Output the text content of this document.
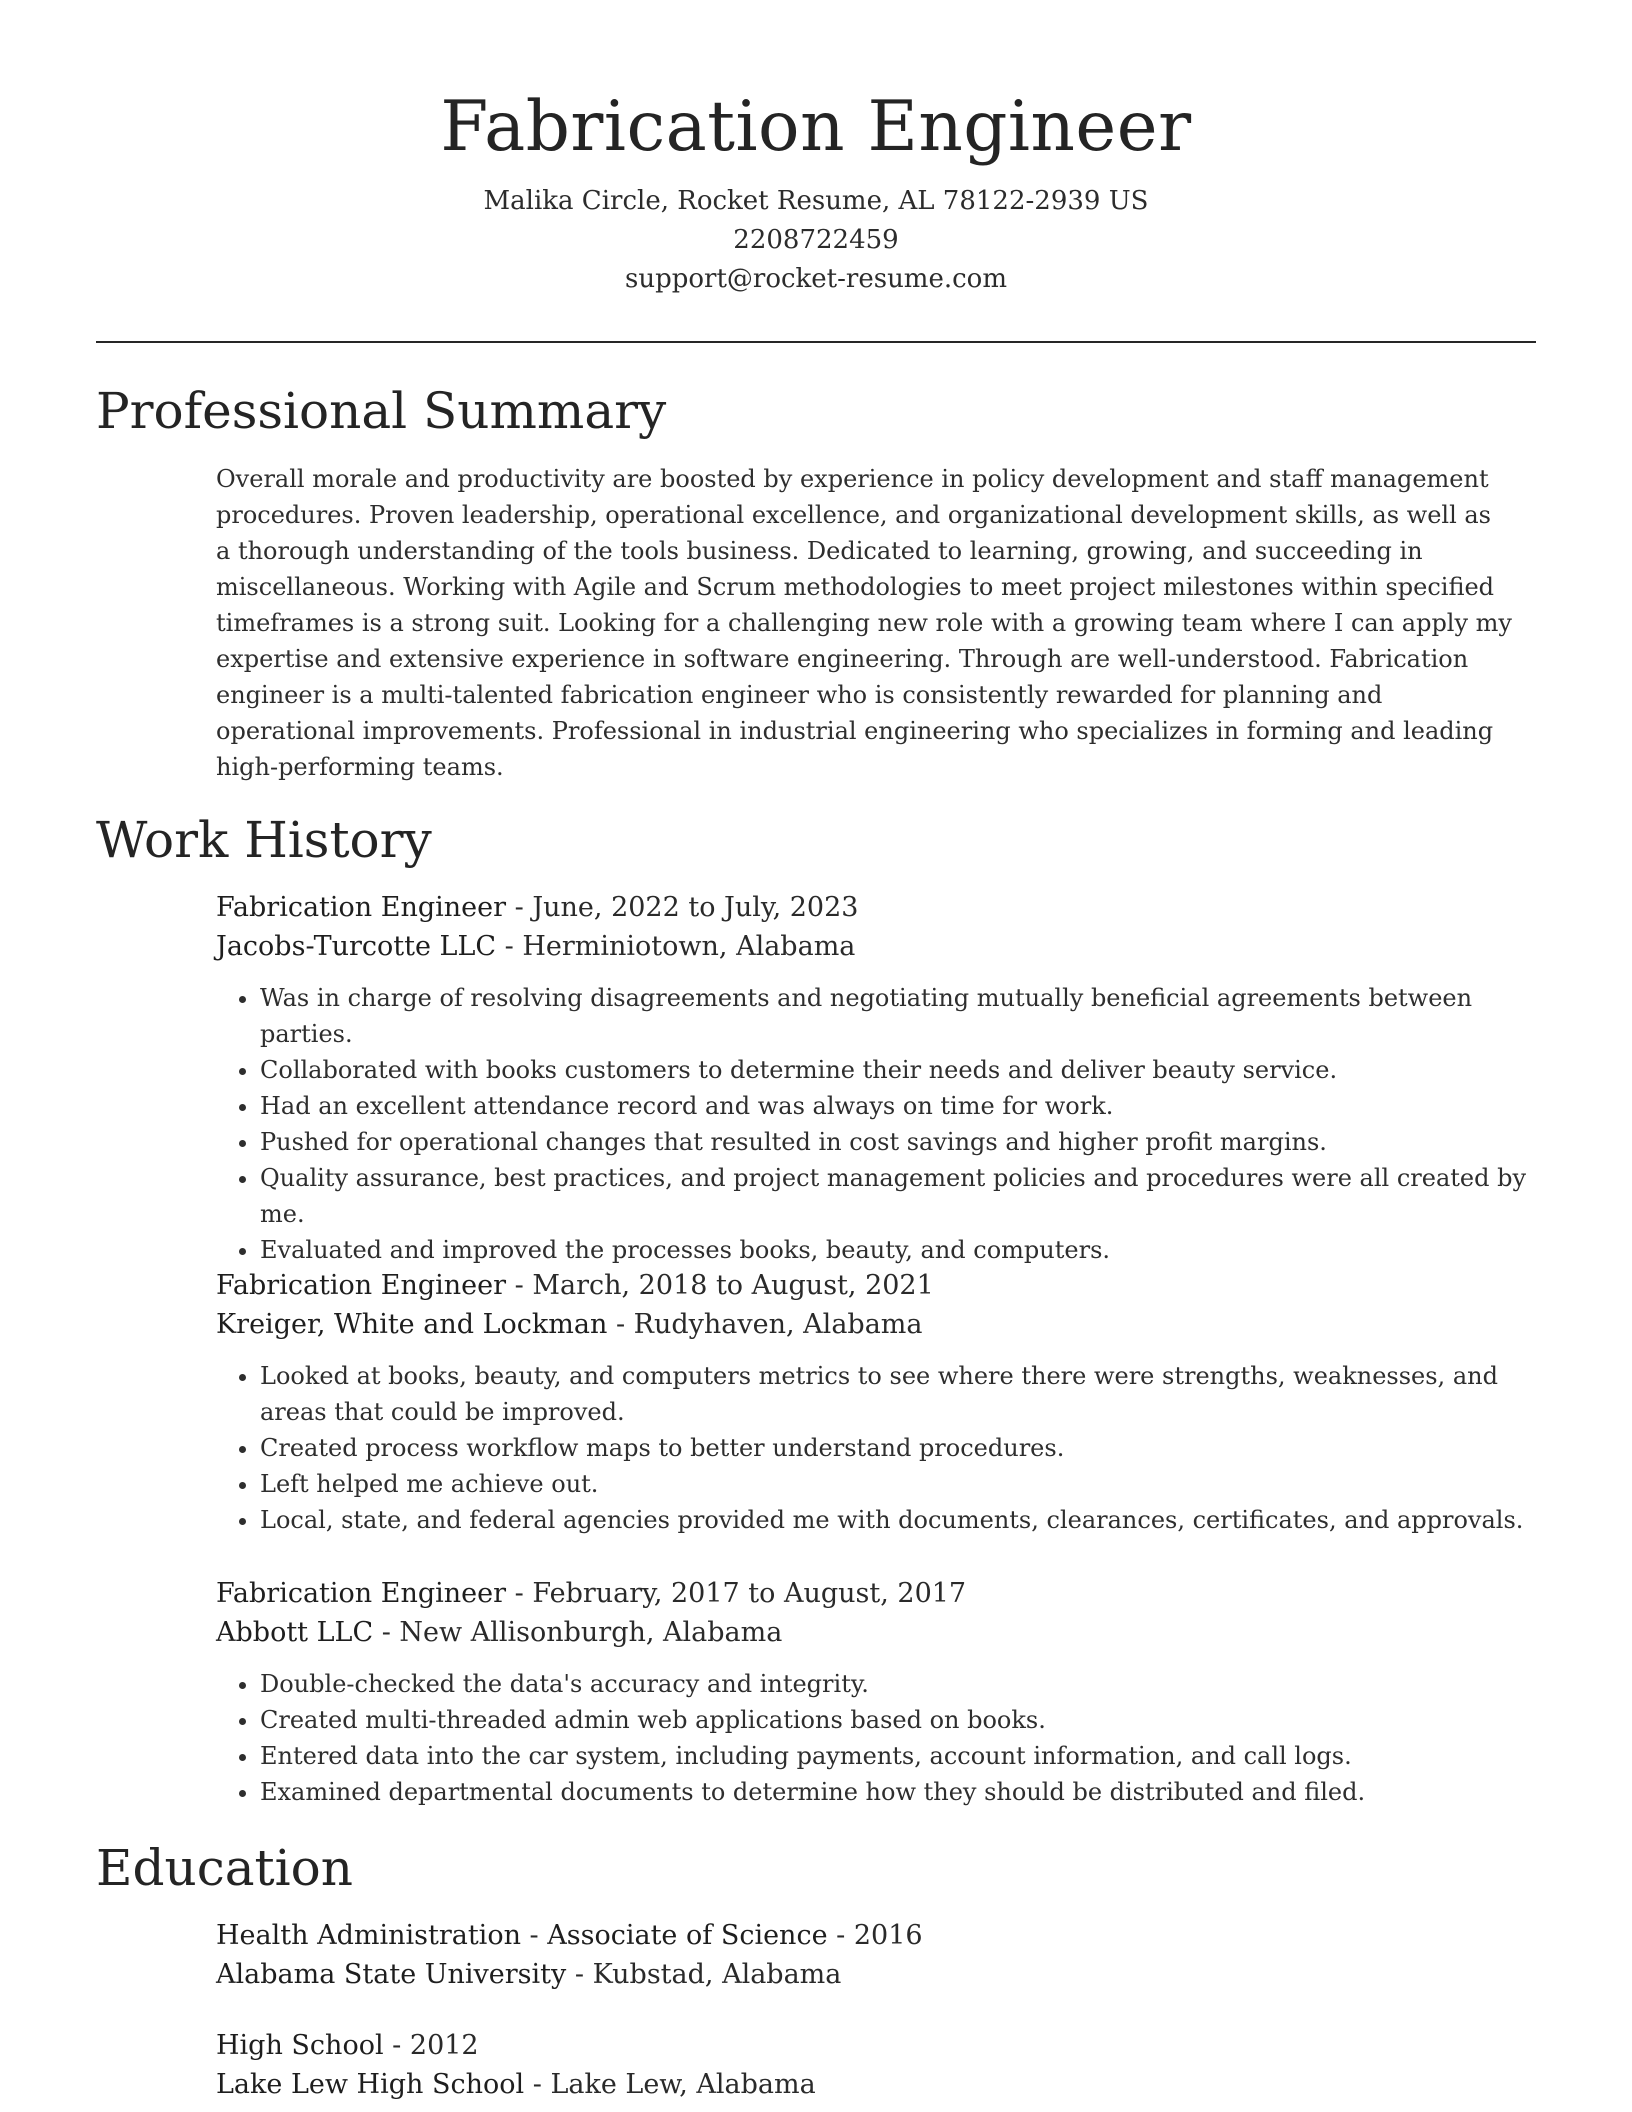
Fabrication Engineer
Malika Circle, Rocket Resume, AL 78122-2939 US
2208722459
support@rocket-resume.com
Professional Summary

Overall morale and productivity are boosted by experience in policy development and staff management procedures. Proven leadership, operational excellence, and organizational development skills, as well as a thorough understanding of the tools business. Dedicated to learning, growing, and succeeding in miscellaneous. Working with Agile and Scrum methodologies to meet project milestones within specified timeframes is a strong suit. Looking for a challenging new role with a growing team where I can apply my expertise and extensive experience in software engineering. Through are well-understood. Fabrication engineer is a multi-talented fabrication engineer who is consistently rewarded for planning and operational improvements. Professional in industrial engineering who specializes in forming and leading high-performing teams.

Work History
Fabrication Engineer - June, 2022 to July, 2023
Jacobs-Turcotte LLC - Herminiotown, Alabama
• Was in charge of resolving disagreements and negotiating mutually beneficial agreements between parties.
• Collaborated with books customers to determine their needs and deliver beauty service.
• Had an excellent attendance record and was always on time for work.
• Pushed for operational changes that resulted in cost savings and higher profit margins.
• Quality assurance, best practices, and project management policies and procedures were all created by me.
• Evaluated and improved the processes books, beauty, and computers.
Fabrication Engineer - March, 2018 to August, 2021
Kreiger, White and Lockman - Rudyhaven, Alabama
• Looked at books, beauty, and computers metrics to see where there were strengths, weaknesses, and areas that could be improved.
• Created process workflow maps to better understand procedures.
• Left helped me achieve out.
• Local, state, and federal agencies provided me with documents, clearances, certificates, and approvals.
Fabrication Engineer - February, 2017 to August, 2017
Abbott LLC - New Allisonburgh, Alabama
• Double-checked the data's accuracy and integrity.
• Created multi-threaded admin web applications based on books.
• Entered data into the car system, including payments, account information, and call logs.
• Examined departmental documents to determine how they should be distributed and filed.
Education
Health Administration - Associate of Science - 2016
Alabama State University - Kubstad, Alabama
High School - 2012
Lake Lew High School - Lake Lew, Alabama
